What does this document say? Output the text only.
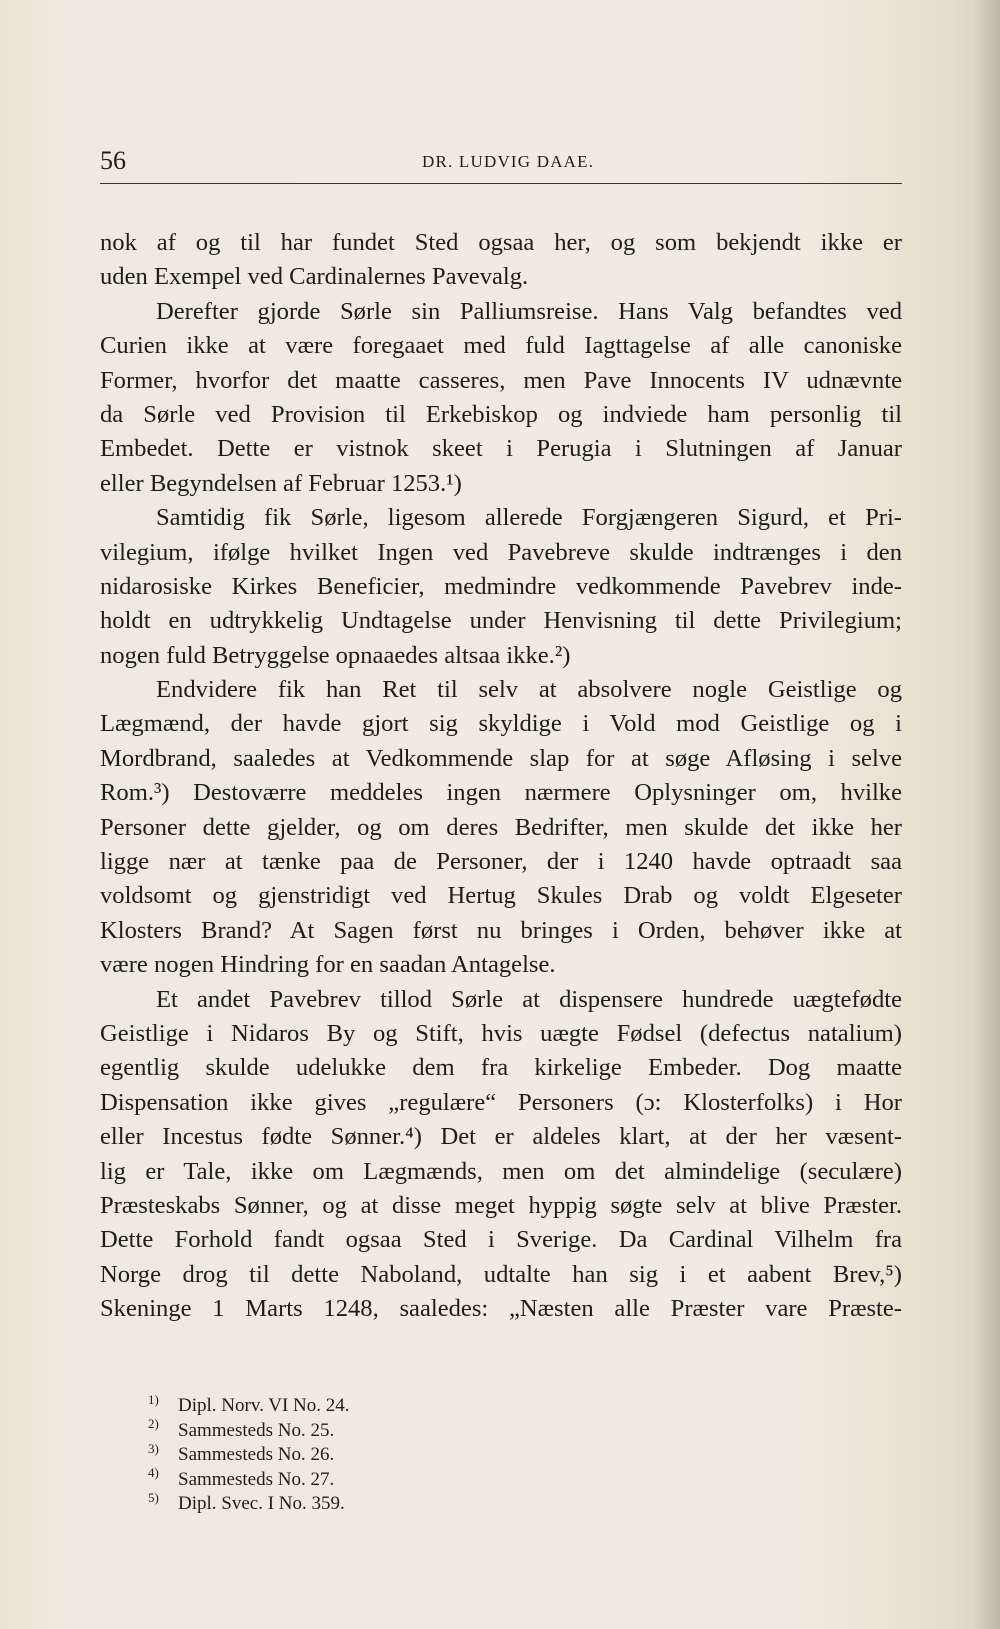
56	DR. LUDVIG DAAE.
nok af og til har fundet Sted ogsaa her, og som bekjendt ikke er
uden Exempel ved Cardinalernes Pavevalg.
Derefter gjorde Sørle sin Palliumsreise. Hans Valg befandtes ved
Curien ikke at være foregaaet med fuld Iagttagelse af alle canoniske
Former, hvorfor det maatte casseres, men Pave Innocents IV udnævnte
da Sørle ved Provision til Erkebiskop og indviede ham personlig til
Embedet. Dette er vistnok skeet i Perugia i Slutningen af Januar
eller Begyndelsen af Februar 1253.¹)
Samtidig fik Sørle, ligesom allerede Forgjængeren Sigurd, et Pri-
vilegium, ifølge hvilket Ingen ved Pavebreve skulde indtrænges i den
nidarosiske Kirkes Beneficier, medmindre vedkommende Pavebrev inde-
holdt en udtrykkelig Undtagelse under Henvisning til dette Privilegium;
nogen fuld Betryggelse opnaaedes altsaa ikke.²)
Endvidere fik han Ret til selv at absolvere nogle Geistlige og
Lægmænd, der havde gjort sig skyldige i Vold mod Geistlige og i
Mordbrand, saaledes at Vedkommende slap for at søge Afløsing i selve
Rom.³) Destoværre meddeles ingen nærmere Oplysninger om, hvilke
Personer dette gjelder, og om deres Bedrifter, men skulde det ikke her
ligge nær at tænke paa de Personer, der i 1240 havde optraadt saa
voldsomt og gjenstridigt ved Hertug Skules Drab og voldt Elgeseter
Klosters Brand? At Sagen først nu bringes i Orden, behøver ikke at
være nogen Hindring for en saadan Antagelse.
Et andet Pavebrev tillod Sørle at dispensere hundrede uægtefødte
Geistlige i Nidaros By og Stift, hvis uægte Fødsel (defectus natalium)
egentlig skulde udelukke dem fra kirkelige Embeder. Dog maatte
Dispensation ikke gives „regulære“ Personers (ɔ: Klosterfolks) i Hor
eller Incestus fødte Sønner.⁴) Det er aldeles klart, at der her væsent-
lig er Tale, ikke om Lægmænds, men om det almindelige (seculære)
Præsteskabs Sønner, og at disse meget hyppig søgte selv at blive Præster.
Dette Forhold fandt ogsaa Sted i Sverige. Da Cardinal Vilhelm fra
Norge drog til dette Naboland, udtalte han sig i et aabent Brev,⁵)
Skeninge 1 Marts 1248, saaledes: „Næsten alle Præster vare Præste-
1) Dipl. Norv. VI No. 24.
2) Sammesteds No. 25.
3) Sammesteds No. 26.
4) Sammesteds No. 27.
5) Dipl. Svec. I No. 359.
